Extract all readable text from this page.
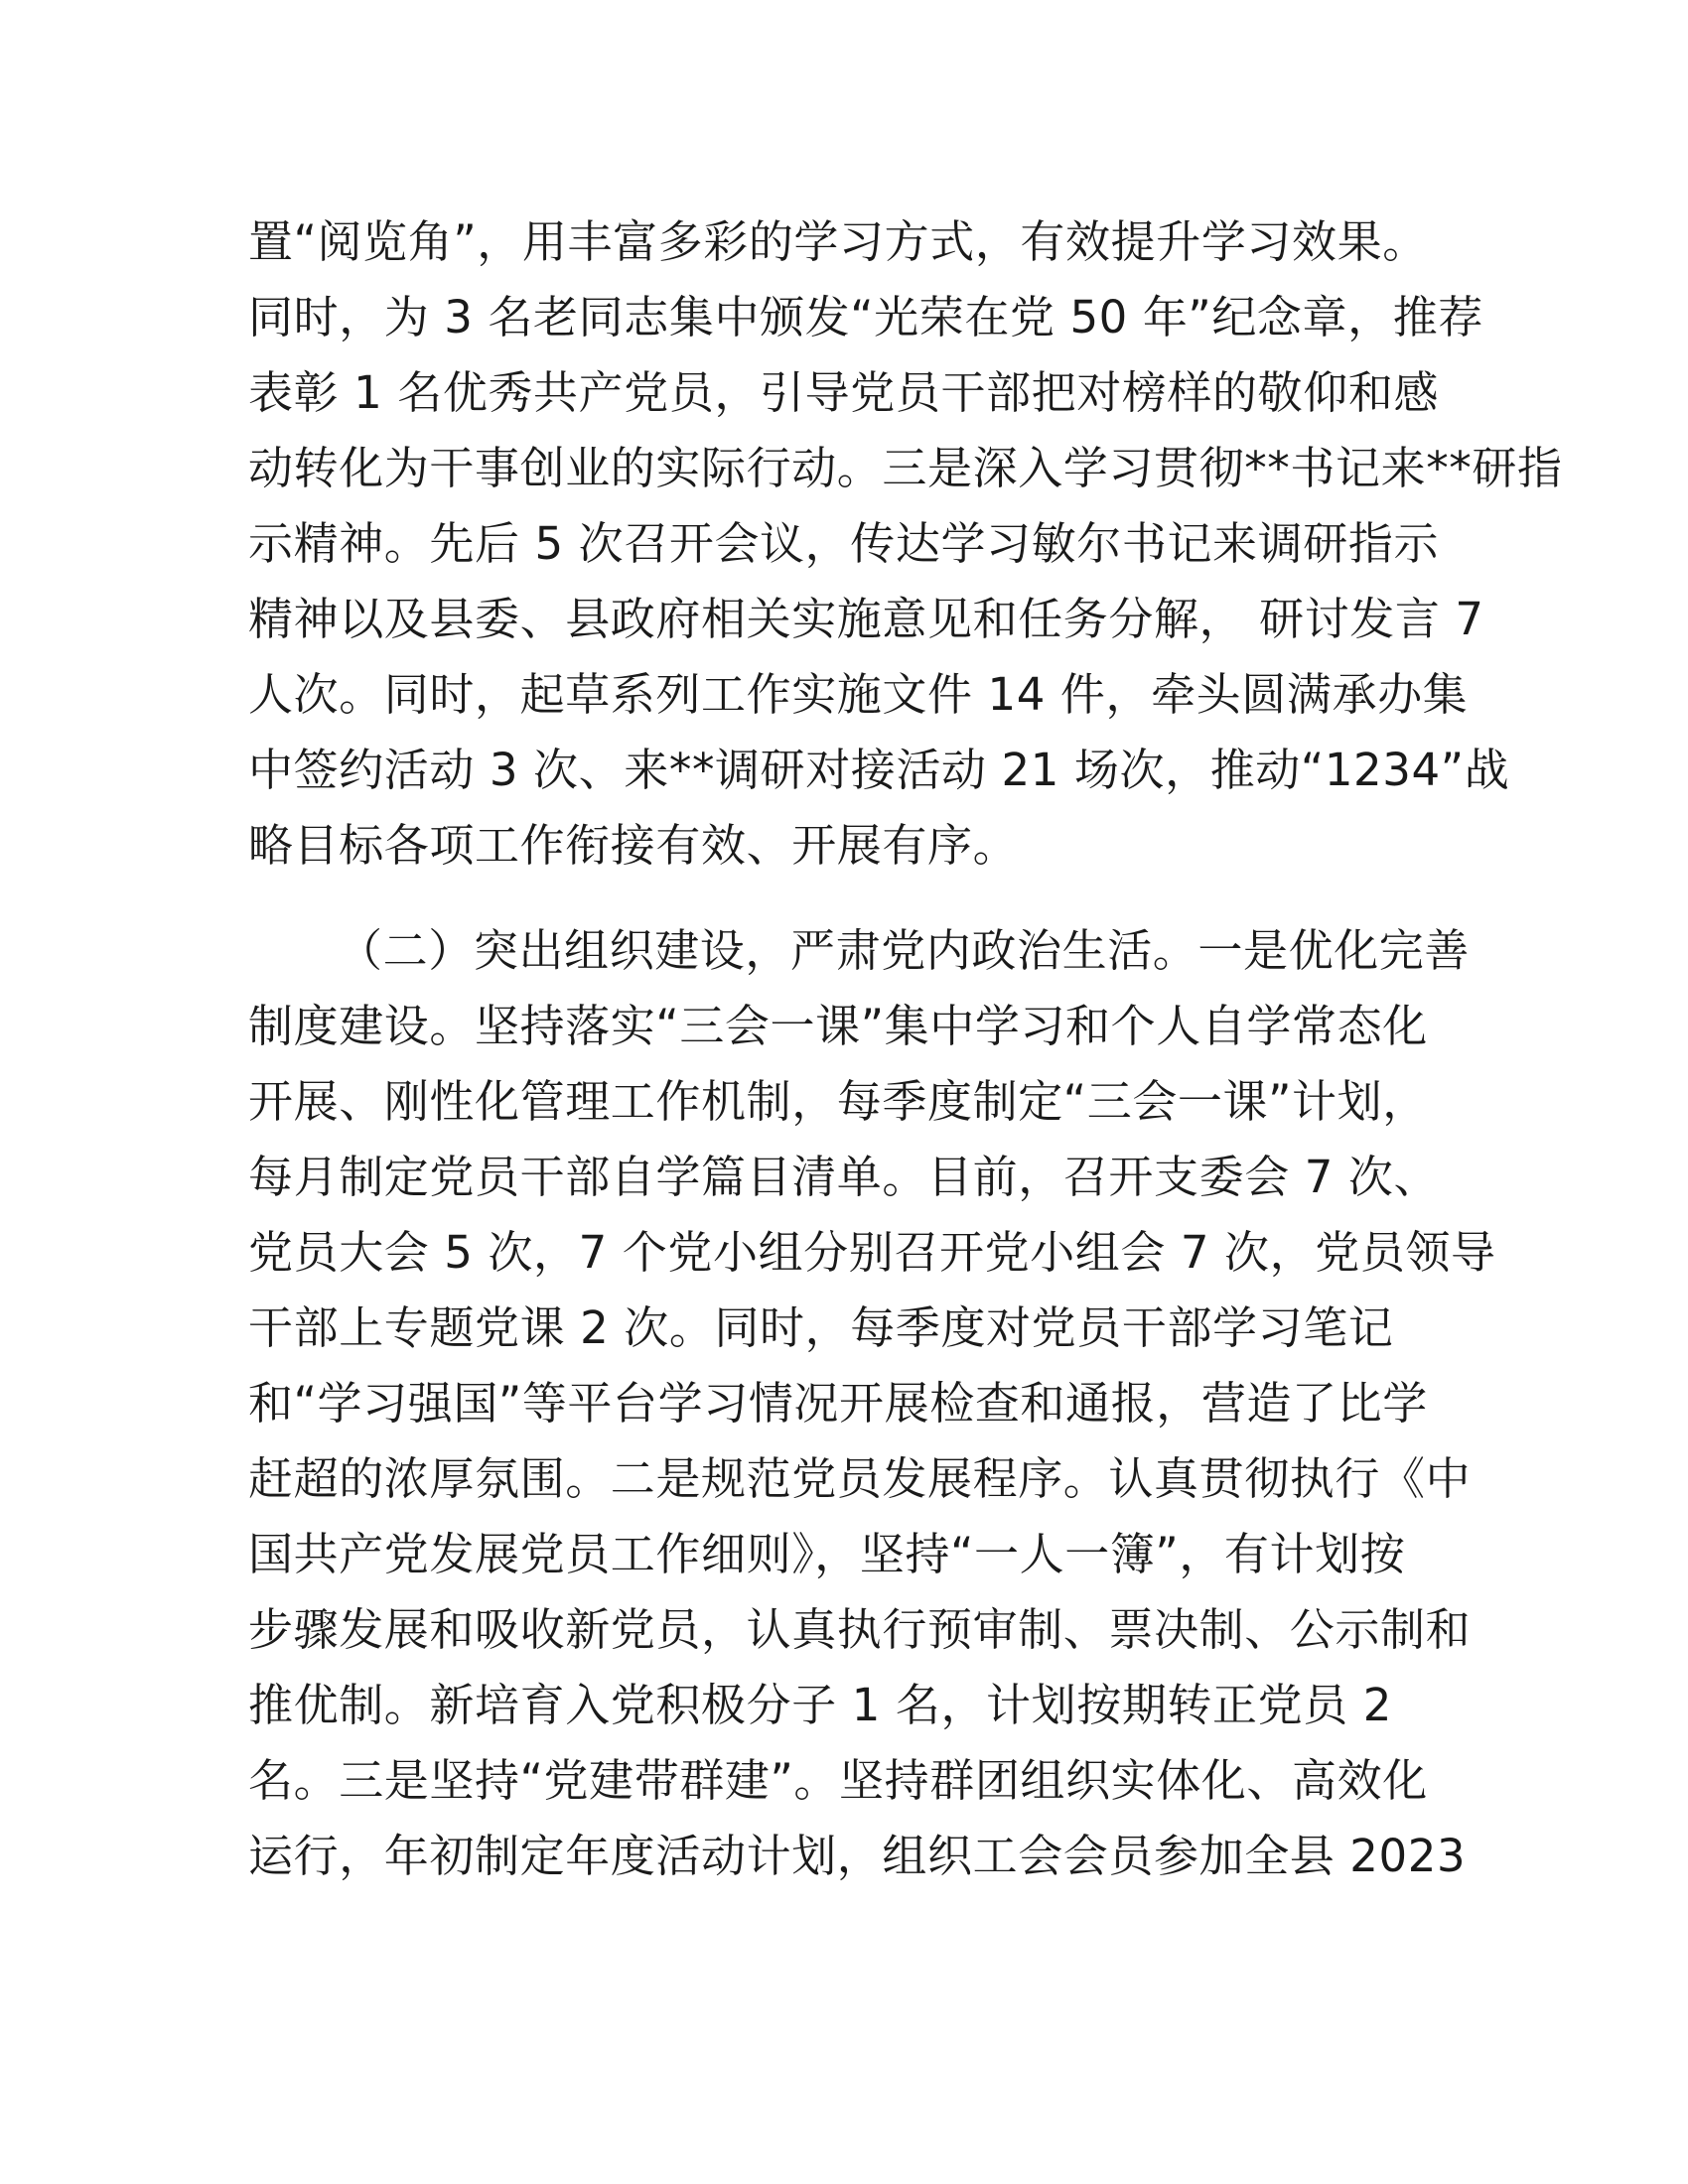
置“阅览角”，用丰富多彩的学习方式，有效提升学习效果。

同时，为 3 名老同志集中颁发“光荣在党 50 年”纪念章，推荐

表彰 1 名优秀共产党员，引导党员干部把对榜样的敬仰和感

动转化为干事创业的实际行动。三是深入学习贯彻**书记来**研指

示精神。先后 5 次召开会议，传达学习敏尔书记来调研指示

精神以及县委、县政府相关实施意见和任务分解， 研讨发言 7

人次。同时，起草系列工作实施文件 14 件，牵头圆满承办集

中签约活动 3 次、来**调研对接活动 21 场次，推动“1234”战

略目标各项工作衔接有效、开展有序。

（二）突出组织建设，严肃党内政治生活。一是优化完善

制度建设。坚持落实“三会一课”集中学习和个人自学常态化

开展、刚性化管理工作机制，每季度制定“三会一课”计划，

每月制定党员干部自学篇目清单。目前，召开支委会 7 次、

党员大会 5 次，7 个党小组分别召开党小组会 7 次，党员领导

干部上专题党课 2 次。同时，每季度对党员干部学习笔记

和“学习强国”等平台学习情况开展检查和通报，营造了比学

赶超的浓厚氛围。二是规范党员发展程序。认真贯彻执行《中

国共产党发展党员工作细则》，坚持“一人一簿”，有计划按

步骤发展和吸收新党员，认真执行预审制、票决制、公示制和

推优制。新培育入党积极分子 1 名，计划按期转正党员 2

名。三是坚持“党建带群建”。坚持群团组织实体化、高效化

运行，年初制定年度活动计划，组织工会会员参加全县 2023
